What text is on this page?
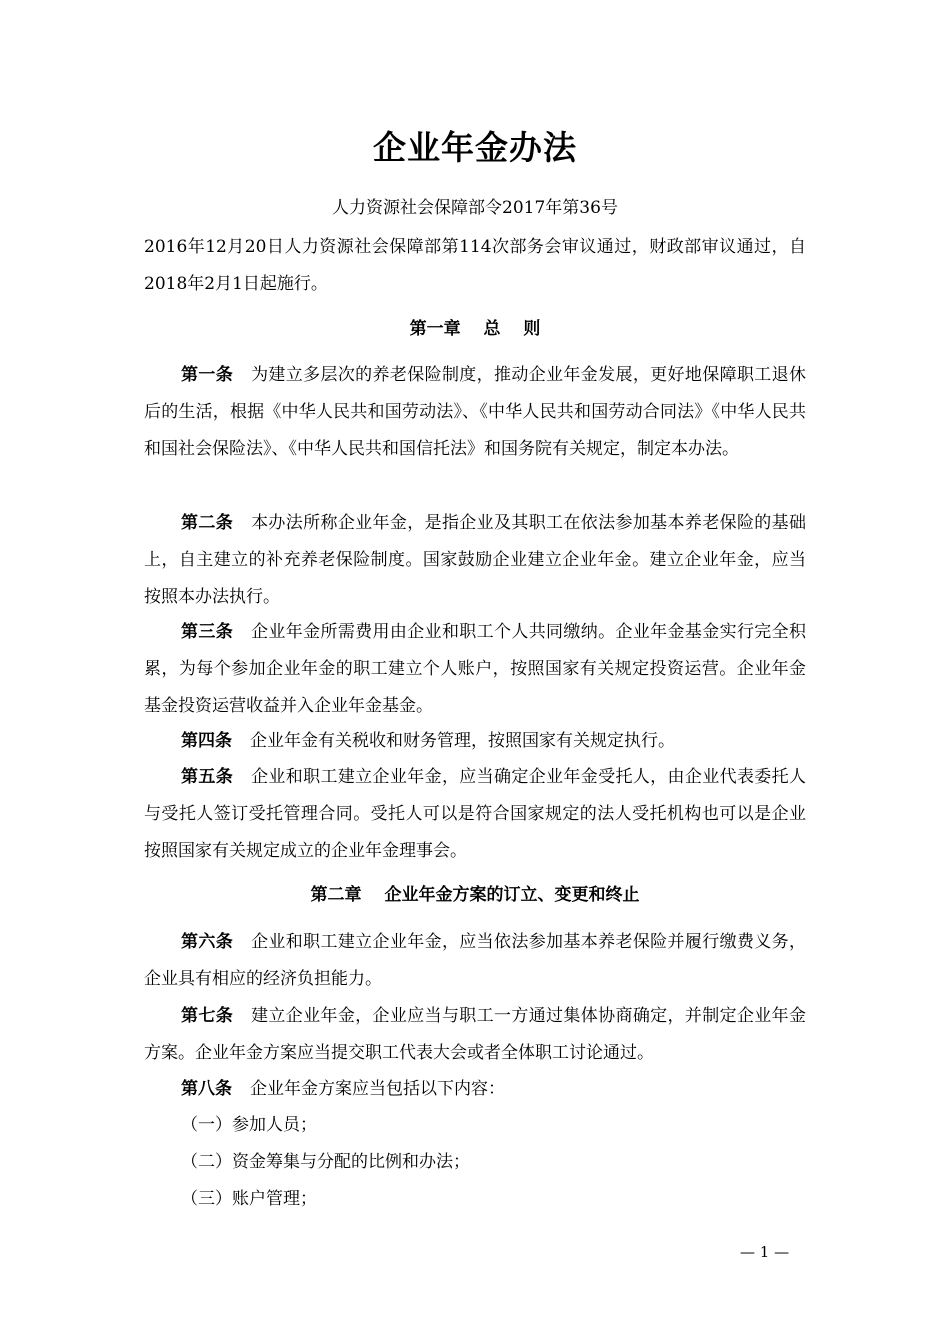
企业年金办法
人力资源社会保障部令2017年第36号
2016年12月20日人力资源社会保障部第114次部务会审议通过，财政部审议通过，自2018年2月1日起施行。
第一章　 总　 则
第一条 为建立多层次的养老保险制度，推动企业年金发展，更好地保障职工退休后的生活，根据《中华人民共和国劳动法》、《中华人民共和国劳动合同法》《中华人民共和国社会保险法》、《中华人民共和国信托法》和国务院有关规定，制定本办法。
第二条 本办法所称企业年金，是指企业及其职工在依法参加基本养老保险的基础上，自主建立的补充养老保险制度。国家鼓励企业建立企业年金。建立企业年金，应当按照本办法执行。
第三条 企业年金所需费用由企业和职工个人共同缴纳。企业年金基金实行完全积累，为每个参加企业年金的职工建立个人账户，按照国家有关规定投资运营。企业年金基金投资运营收益并入企业年金基金。
第四条 企业年金有关税收和财务管理，按照国家有关规定执行。
第五条 企业和职工建立企业年金，应当确定企业年金受托人，由企业代表委托人与受托人签订受托管理合同。受托人可以是符合国家规定的法人受托机构也可以是企业按照国家有关规定成立的企业年金理事会。
第二章　 企业年金方案的订立、变更和终止
第六条 企业和职工建立企业年金，应当依法参加基本养老保险并履行缴费义务，企业具有相应的经济负担能力。
第七条 建立企业年金，企业应当与职工一方通过集体协商确定，并制定企业年金方案。企业年金方案应当提交职工代表大会或者全体职工讨论通过。
第八条 企业年金方案应当包括以下内容：
（一）参加人员；
（二）资金筹集与分配的比例和办法；
（三）账户管理；
— 1 —
